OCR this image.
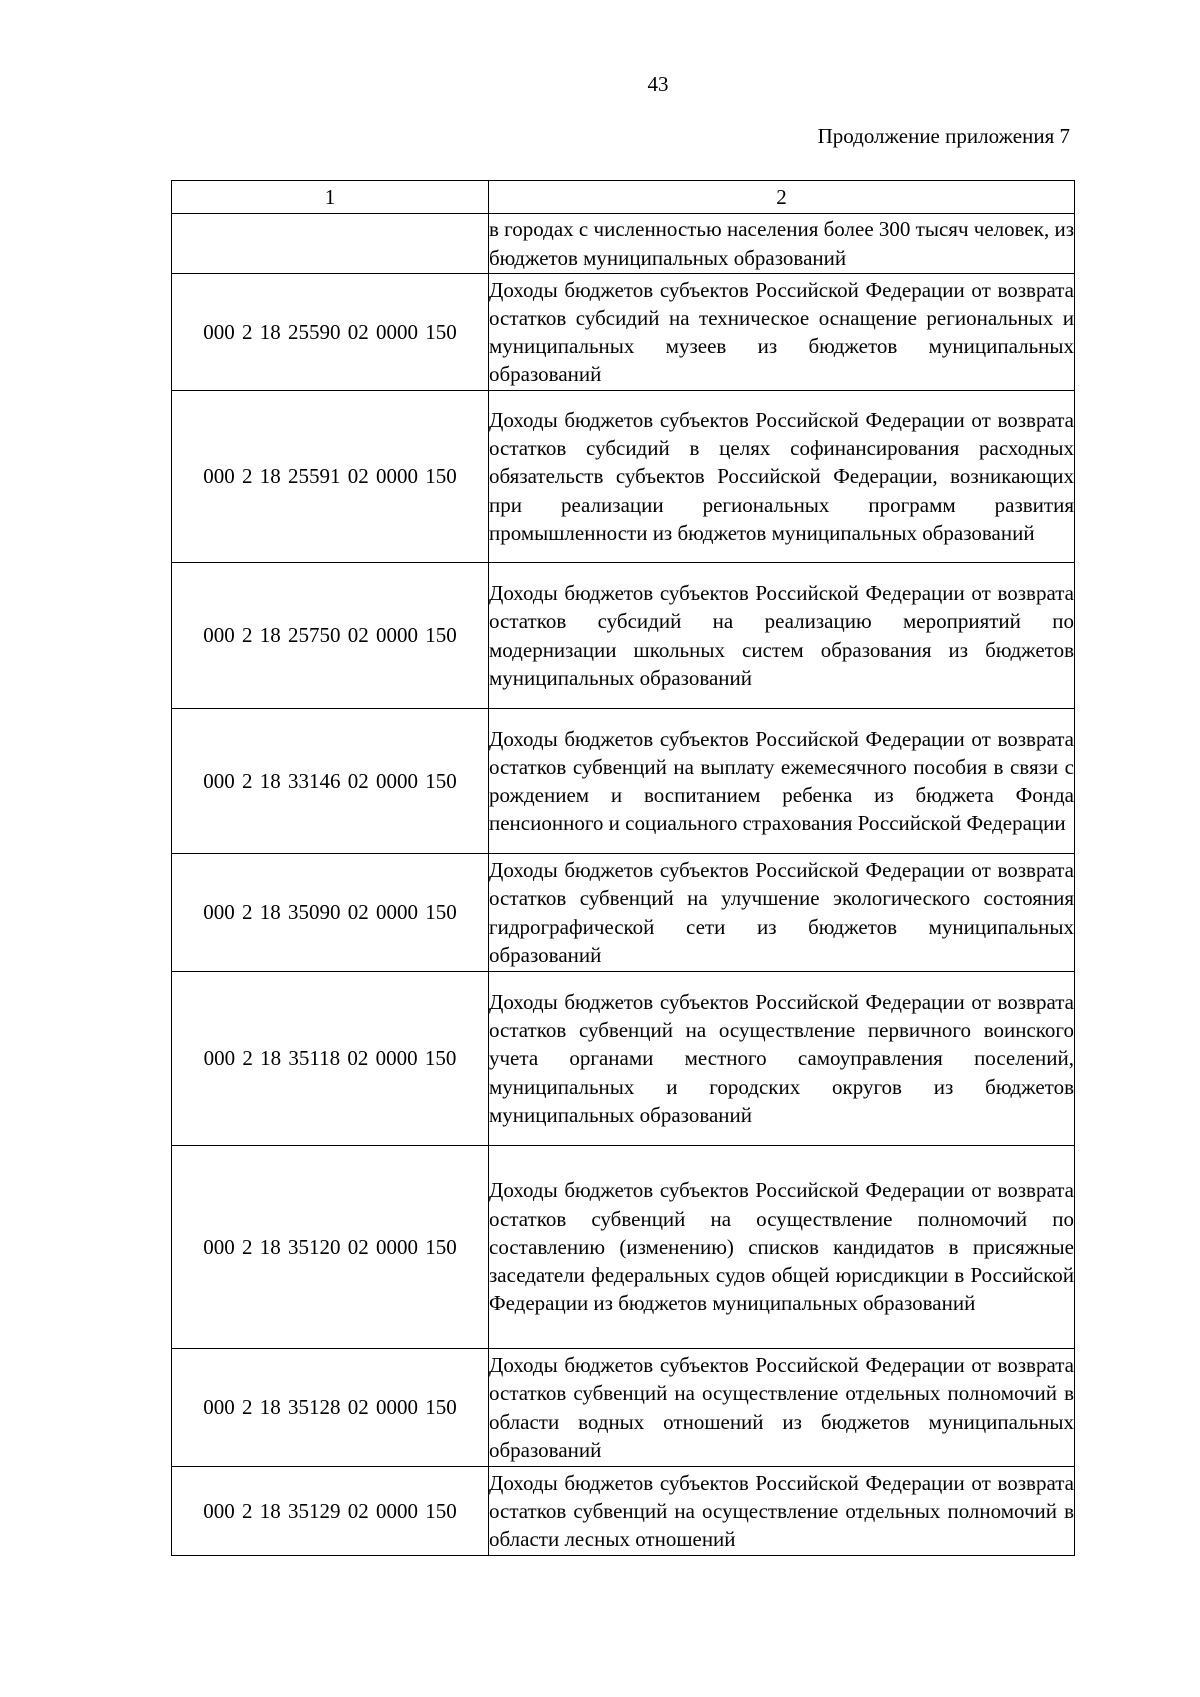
43
Продолжение приложения 7
1	2
	в городах с численностью населения более 300 тысяч человек, из бюджетов муниципальных образований
000 2 18 25590 02 0000 150	Доходы бюджетов субъектов Российской Федерации от возврата остатков субсидий на техническое оснащение региональных и муниципальных музеев из бюджетов муниципальных образований
000 2 18 25591 02 0000 150	Доходы бюджетов субъектов Российской Федерации от возврата остатков субсидий в целях софинансирования расходных обязательств субъектов Российской Федерации, возникающих при реализации региональных программ развития промышленности из бюджетов муниципальных образований
000 2 18 25750 02 0000 150	Доходы бюджетов субъектов Российской Федерации от возврата остатков субсидий на реализацию мероприятий по модернизации школьных систем образования из бюджетов муниципальных образований
000 2 18 33146 02 0000 150	Доходы бюджетов субъектов Российской Федерации от возврата остатков субвенций на выплату ежемесячного пособия в связи с рождением и воспитанием ребенка из бюджета Фонда пенсионного и социального страхования Российской Федерации
000 2 18 35090 02 0000 150	Доходы бюджетов субъектов Российской Федерации от возврата остатков субвенций на улучшение экологического состояния гидрографической сети из бюджетов муниципальных образований
000 2 18 35118 02 0000 150	Доходы бюджетов субъектов Российской Федерации от возврата остатков субвенций на осуществление первичного воинского учета органами местного самоуправления поселений, муниципальных и городских округов из бюджетов муниципальных образований
000 2 18 35120 02 0000 150	Доходы бюджетов субъектов Российской Федерации от возврата остатков субвенций на осуществление полномочий по составлению (изменению) списков кандидатов в присяжные заседатели федеральных судов общей юрисдикции в Российской Федерации из бюджетов муниципальных образований
000 2 18 35128 02 0000 150	Доходы бюджетов субъектов Российской Федерации от возврата остатков субвенций на осуществление отдельных полномочий в области водных отношений из бюджетов муниципальных образований
000 2 18 35129 02 0000 150	Доходы бюджетов субъектов Российской Федерации от возврата остатков субвенций на осуществление отдельных полномочий в области лесных отношений
